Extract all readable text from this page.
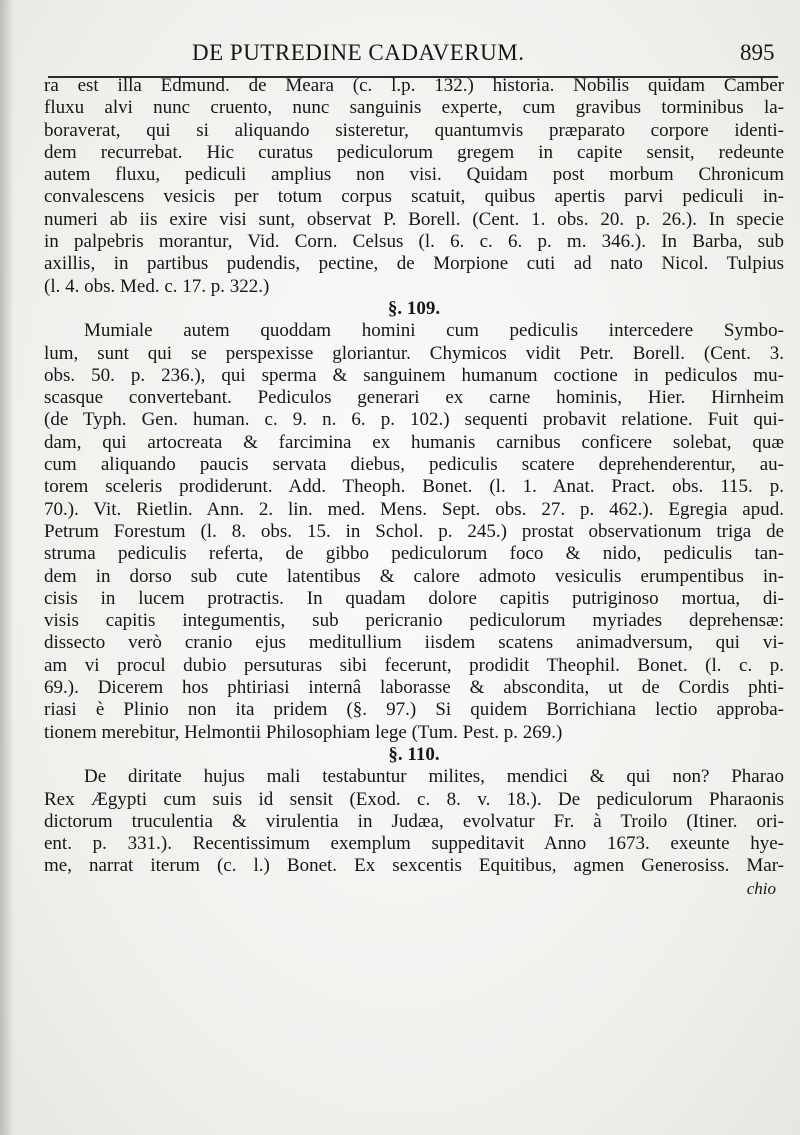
DE PUTREDINE CADAVERUM.	895
ra est illa Edmund. de Meara (c. l.p. 132.) historia. Nobilis quidam Camber
fluxu alvi nunc cruento, nunc sanguinis experte, cum gravibus torminibus la-
boraverat, qui si aliquando sisteretur, quantumvis præparato corpore identi-
dem recurrebat. Hic curatus pediculorum gregem in capite sensit, redeunte
autem fluxu, pediculi amplius non visi. Quidam post morbum Chronicum
convalescens vesicis per totum corpus scatuit, quibus apertis parvi pediculi in-
numeri ab iis exire visi sunt, observat P. Borell. (Cent. 1. obs. 20. p. 26.). In specie
in palpebris morantur, Vid. Corn. Celsus (l. 6. c. 6. p. m. 346.). In Barba, sub
axillis, in partibus pudendis, pectine, de Morpione cuti ad nato Nicol. Tulpius
(l. 4. obs. Med. c. 17. p. 322.)
§. 109.
Mumiale autem quoddam homini cum pediculis intercedere Symbo-
lum, sunt qui se perspexisse gloriantur. Chymicos vidit Petr. Borell. (Cent. 3.
obs. 50. p. 236.), qui sperma & sanguinem humanum coctione in pediculos mu-
scasque convertebant. Pediculos generari ex carne hominis, Hier. Hirnheim
(de Typh. Gen. human. c. 9. n. 6. p. 102.) sequenti probavit relatione. Fuit qui-
dam, qui artocreata & farcimina ex humanis carnibus conficere solebat, quæ
cum aliquando paucis servata diebus, pediculis scatere deprehenderentur, au-
torem sceleris prodiderunt. Add. Theoph. Bonet. (l. 1. Anat. Pract. obs. 115. p.
70.). Vit. Rietlin. Ann. 2. lin. med. Mens. Sept. obs. 27. p. 462.). Egregia apud.
Petrum Forestum (l. 8. obs. 15. in Schol. p. 245.) prostat observationum triga de
struma pediculis referta, de gibbo pediculorum foco & nido, pediculis tan-
dem in dorso sub cute latentibus & calore admoto vesiculis erumpentibus in-
cisis in lucem protractis. In quadam dolore capitis putriginoso mortua, di-
visis capitis integumentis, sub pericranio pediculorum myriades deprehensæ:
dissecto verò cranio ejus meditullium iisdem scatens animadversum, qui vi-
am vi procul dubio persuturas sibi fecerunt, prodidit Theophil. Bonet. (l. c. p.
69.). Dicerem hos phtiriasi internâ laborasse & abscondita, ut de Cordis phti-
riasi è Plinio non ita pridem (§. 97.) Si quidem Borrichiana lectio approba-
tionem merebitur, Helmontii Philosophiam lege (Tum. Pest. p. 269.)
§. 110.
De diritate hujus mali testabuntur milites, mendici & qui non? Pharao
Rex Ægypti cum suis id sensit (Exod. c. 8. v. 18.). De pediculorum Pharaonis
dictorum truculentia & virulentia in Judæa, evolvatur Fr. à Troilo (Itiner. ori-
ent. p. 331.). Recentissimum exemplum suppeditavit Anno 1673. exeunte hye-
me, narrat iterum (c. l.) Bonet. Ex sexcentis Equitibus, agmen Generosiss. Mar-
chio
